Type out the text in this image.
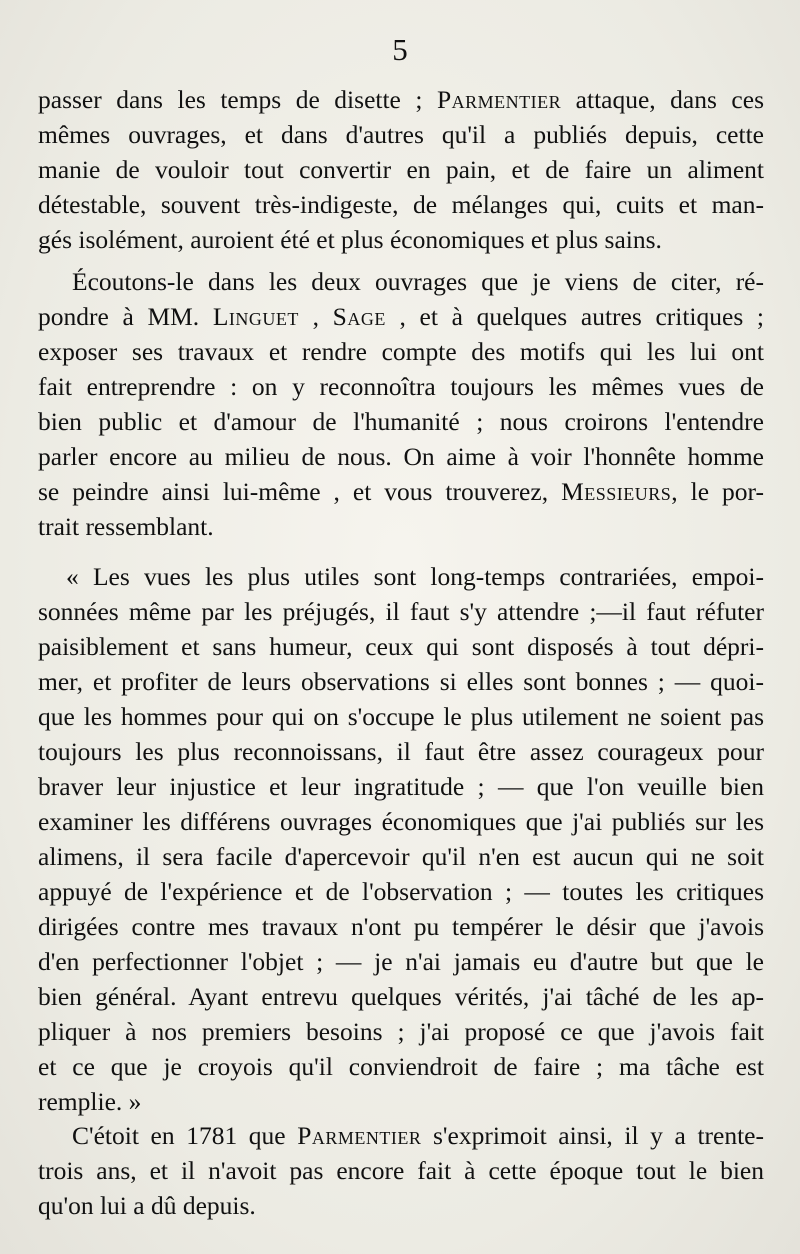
5
passer dans les temps de disette ; Parmentier attaque, dans ces
mêmes ouvrages, et dans d'autres qu'il a publiés depuis, cette
manie de vouloir tout convertir en pain, et de faire un aliment
détestable, souvent très-indigeste, de mélanges qui, cuits et man-
gés isolément, auroient été et plus économiques et plus sains.
Écoutons-le dans les deux ouvrages que je viens de citer, ré-
pondre à MM. Linguet , Sage , et à quelques autres critiques ;
exposer ses travaux et rendre compte des motifs qui les lui ont
fait entreprendre : on y reconnoîtra toujours les mêmes vues de
bien public et d'amour de l'humanité ; nous croirons l'entendre
parler encore au milieu de nous. On aime à voir l'honnête homme
se peindre ainsi lui-même , et vous trouverez, Messieurs, le por-
trait ressemblant.
« Les vues les plus utiles sont long-temps contrariées, empoi-
sonnées même par les préjugés, il faut s'y attendre ;—il faut réfuter
paisiblement et sans humeur, ceux qui sont disposés à tout dépri-
mer, et profiter de leurs observations si elles sont bonnes ; — quoi-
que les hommes pour qui on s'occupe le plus utilement ne soient pas
toujours les plus reconnoissans, il faut être assez courageux pour
braver leur injustice et leur ingratitude ; — que l'on veuille bien
examiner les différens ouvrages économiques que j'ai publiés sur les
alimens, il sera facile d'apercevoir qu'il n'en est aucun qui ne soit
appuyé de l'expérience et de l'observation ; — toutes les critiques
dirigées contre mes travaux n'ont pu tempérer le désir que j'avois
d'en perfectionner l'objet ; — je n'ai jamais eu d'autre but que le
bien général. Ayant entrevu quelques vérités, j'ai tâché de les ap-
pliquer à nos premiers besoins ; j'ai proposé ce que j'avois fait
et ce que je croyois qu'il conviendroit de faire ; ma tâche est
remplie. »
C'étoit en 1781 que Parmentier s'exprimoit ainsi, il y a trente-
trois ans, et il n'avoit pas encore fait à cette époque tout le bien
qu'on lui a dû depuis.
